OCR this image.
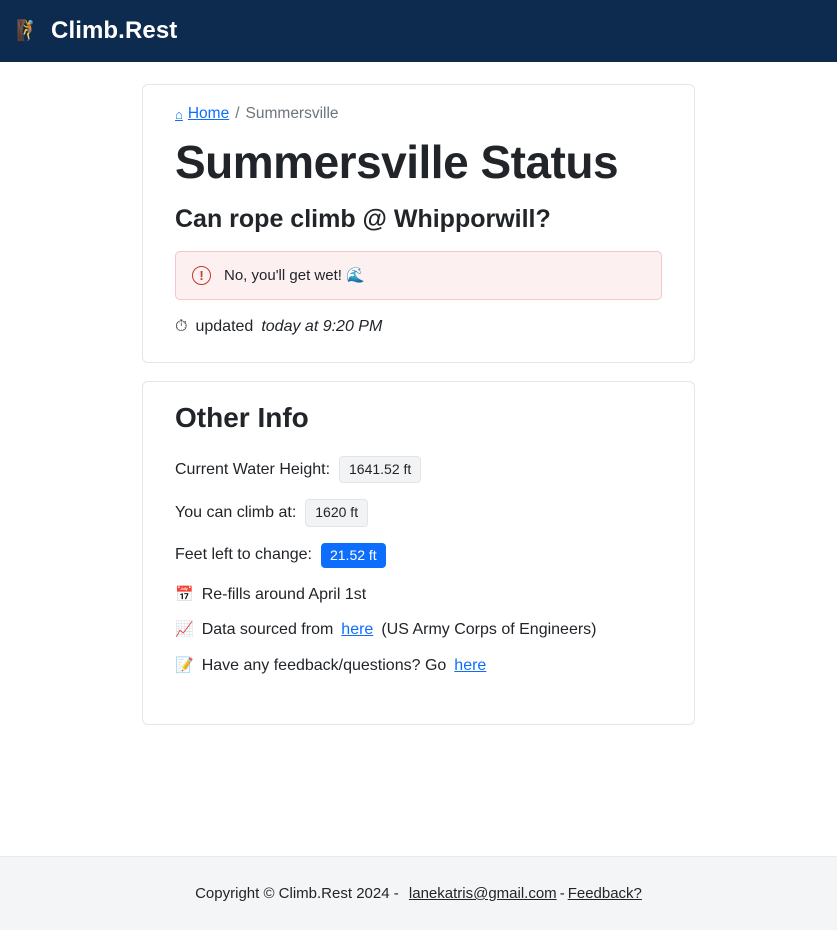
🧗 Climb.Rest
⌂ Home / Summersville
Summersville Status
Can rope climb @ Whipporwill?
!	No, you'll get wet! 🌊
⏱ updated today at 9:20 PM
Other Info
Current Water Height:	1641.52 ft
You can climb at:	1620 ft
Feet left to change:	21.52 ft
📅 Re-fills around April 1st
📈 Data sourced from here (US Army Corps of Engineers)
📝 Have any feedback/questions? Go here
Copyright © Climb.Rest 2024 -
lanekatris@gmail.com - Feedback?
